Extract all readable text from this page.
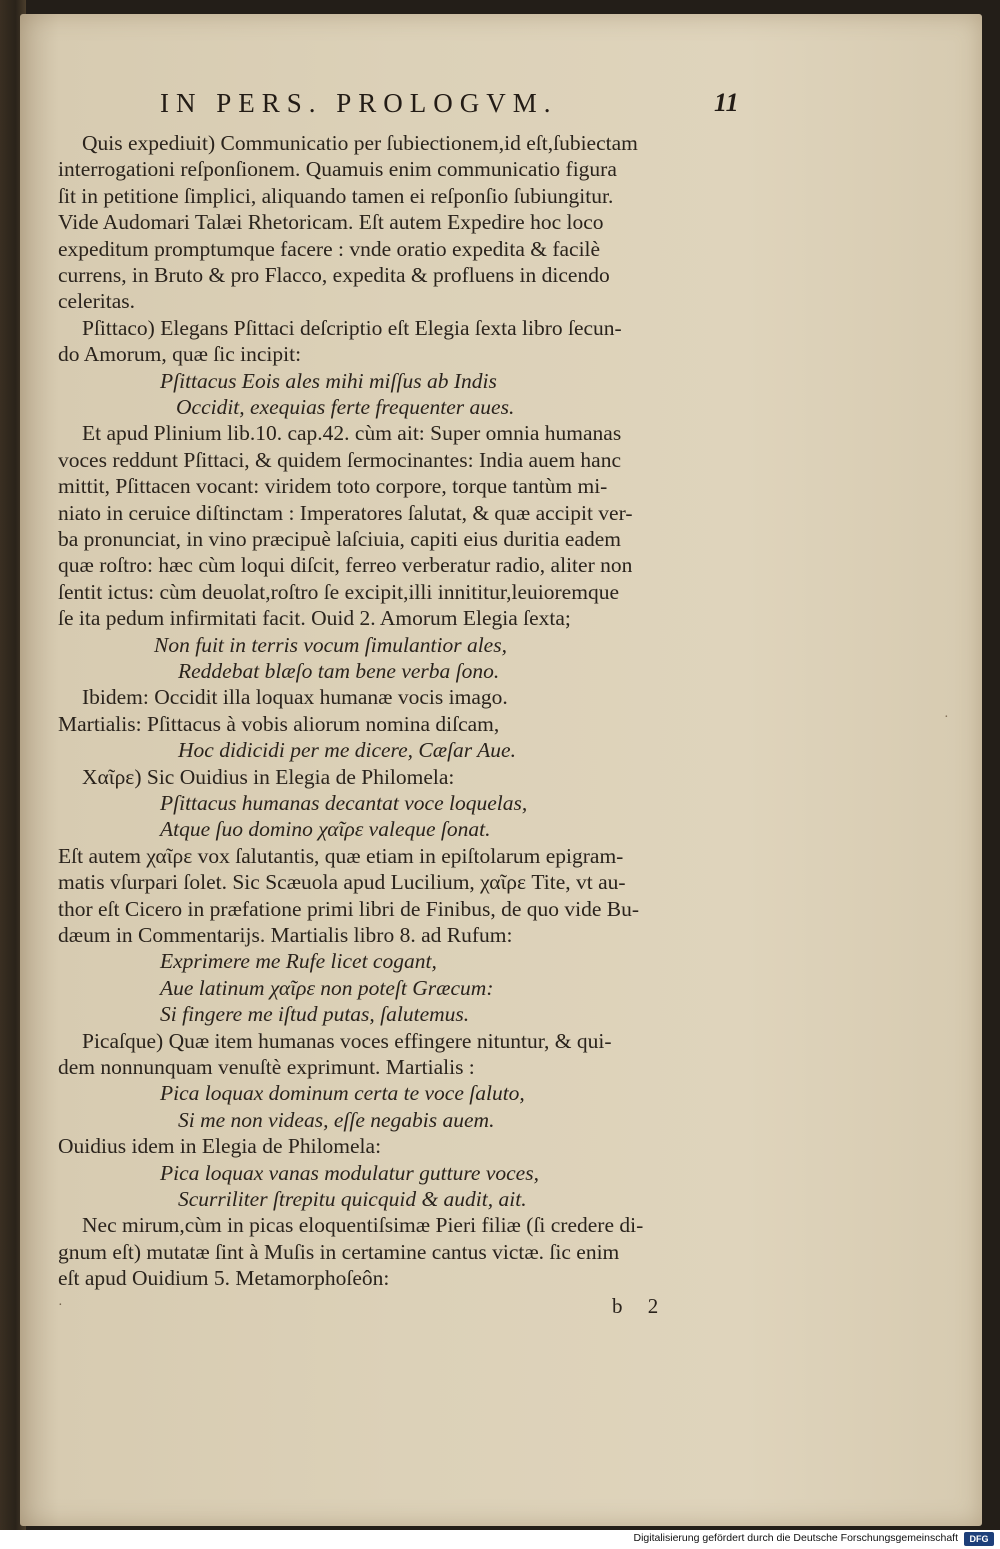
IN PERS. PROLOGVM.	11
Quis expediuit) Communicatio per ſubiectionem,id eſt,ſubiectam
interrogationi reſponſionem. Quamuis enim communicatio figura
ſit in petitione ſimplici, aliquando tamen ei reſponſio ſubiungitur.
Vide Audomari Talæi Rhetoricam. Eſt autem Expedire hoc loco
expeditum promptumque facere : vnde oratio expedita & facilè
currens, in Bruto & pro Flacco, expedita & profluens in dicendo
celeritas.
Pſittaco) Elegans Pſittaci deſcriptio eſt Elegia ſexta libro ſecun-
do Amorum, quæ ſic incipit:
Pſittacus Eois ales mihi miſſus ab Indis
Occidit, exequias ferte frequenter aues.
Et apud Plinium lib.10. cap.42. cùm ait: Super omnia humanas
voces reddunt Pſittaci, & quidem ſermocinantes: India auem hanc
mittit, Pſittacen vocant: viridem toto corpore, torque tantùm mi-
niato in ceruice diſtinctam : Imperatores ſalutat, & quæ accipit ver-
ba pronunciat, in vino præcipuè laſciuia, capiti eius duritia eadem
quæ roſtro: hæc cùm loqui diſcit, ferreo verberatur radio, aliter non
ſentit ictus: cùm deuolat,roſtro ſe excipit,illi innititur,leuioremque
ſe ita pedum infirmitati facit. Ouid 2. Amorum Elegia ſexta;
Non fuit in terris vocum ſimulantior ales,
Reddebat blæſo tam bene verba ſono.
Ibidem: Occidit illa loquax humanæ vocis imago.
Martialis: Pſittacus à vobis aliorum nomina diſcam,
Hoc didicidi per me dicere, Cæſar Aue.
Χαῖρε) Sic Ouidius in Elegia de Philomela:
Pſittacus humanas decantat voce loquelas,
Atque ſuo domino χαῖρε valeque ſonat.
Eſt autem χαῖρε vox ſalutantis, quæ etiam in epiſtolarum epigram-
matis vſurpari ſolet. Sic Scæuola apud Lucilium, χαῖρε Tite, vt au-
thor eſt Cicero in præfatione primi libri de Finibus, de quo vide Bu-
dæum in Commentarijs. Martialis libro 8. ad Rufum:
Exprimere me Rufe licet cogant,
Aue latinum χαῖρε non poteſt Græcum:
Si fingere me iſtud putas, ſalutemus.
Picaſque) Quæ item humanas voces effingere nituntur, & qui-
dem nonnunquam venuſtè exprimunt. Martialis :
Pica loquax dominum certa te voce ſaluto,
Si me non videas, eſſe negabis auem.
Ouidius idem in Elegia de Philomela:
Pica loquax vanas modulatur gutture voces,
Scurriliter ſtrepitu quicquid & audit, ait.
Nec mirum,cùm in picas eloquentiſsimæ Pieri filiæ (ſi credere di-
gnum eſt) mutatæ ſint à Muſis in certamine cantus victæ. ſic enim
eſt apud Ouidium 5. Metamorphoſeôn:
·
·
b 2
Digitalisierung gefördert durch die Deutsche Forschungsgemeinschaft	DFG
